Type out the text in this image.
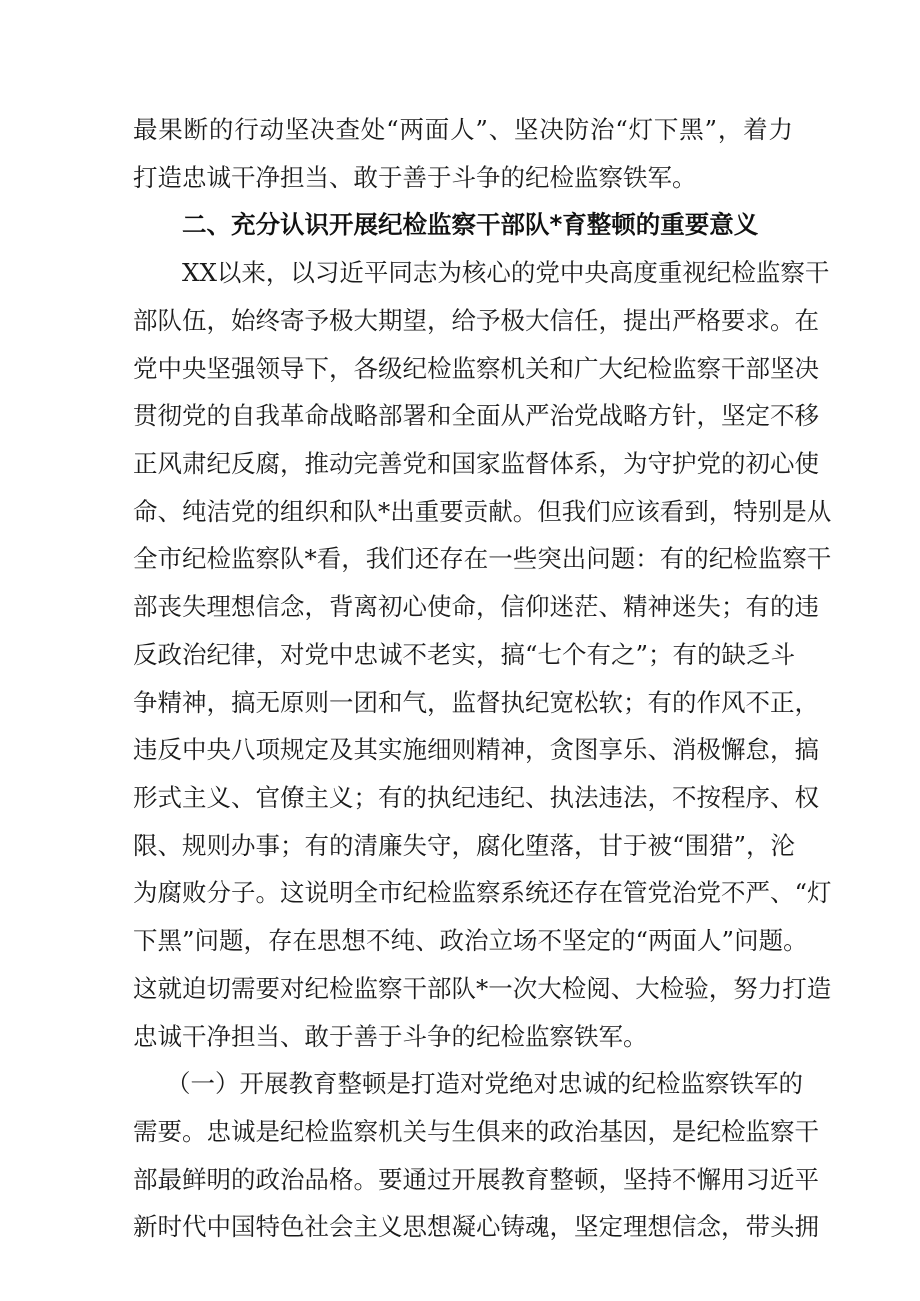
最果断的行动坚决查处“两面人”、坚决防治“灯下黑”，着力
打造忠诚干净担当、敢于善于斗争的纪检监察铁军。
二、充分认识开展纪检监察干部队*育整顿的重要意义
XX以来，以习近平同志为核心的党中央高度重视纪检监察干
部队伍，始终寄予极大期望，给予极大信任，提出严格要求。在
党中央坚强领导下，各级纪检监察机关和广大纪检监察干部坚决
贯彻党的自我革命战略部署和全面从严治党战略方针，坚定不移
正风肃纪反腐，推动完善党和国家监督体系，为守护党的初心使
命、纯洁党的组织和队*出重要贡献。但我们应该看到，特别是从
全市纪检监察队*看，我们还存在一些突出问题：有的纪检监察干
部丧失理想信念，背离初心使命，信仰迷茫、精神迷失；有的违
反政治纪律，对党中忠诚不老实，搞“七个有之”；有的缺乏斗
争精神，搞无原则一团和气，监督执纪宽松软；有的作风不正，
违反中央八项规定及其实施细则精神，贪图享乐、消极懈怠，搞
形式主义、官僚主义；有的执纪违纪、执法违法，不按程序、权
限、规则办事；有的清廉失守，腐化堕落，甘于被“围猎”，沦
为腐败分子。这说明全市纪检监察系统还存在管党治党不严、“灯
下黑”问题，存在思想不纯、政治立场不坚定的“两面人”问题。
这就迫切需要对纪检监察干部队*一次大检阅、大检验，努力打造
忠诚干净担当、敢于善于斗争的纪检监察铁军。
（一）开展教育整顿是打造对党绝对忠诚的纪检监察铁军的
需要。忠诚是纪检监察机关与生俱来的政治基因，是纪检监察干
部最鲜明的政治品格。要通过开展教育整顿，坚持不懈用习近平
新时代中国特色社会主义思想凝心铸魂，坚定理想信念，带头拥
